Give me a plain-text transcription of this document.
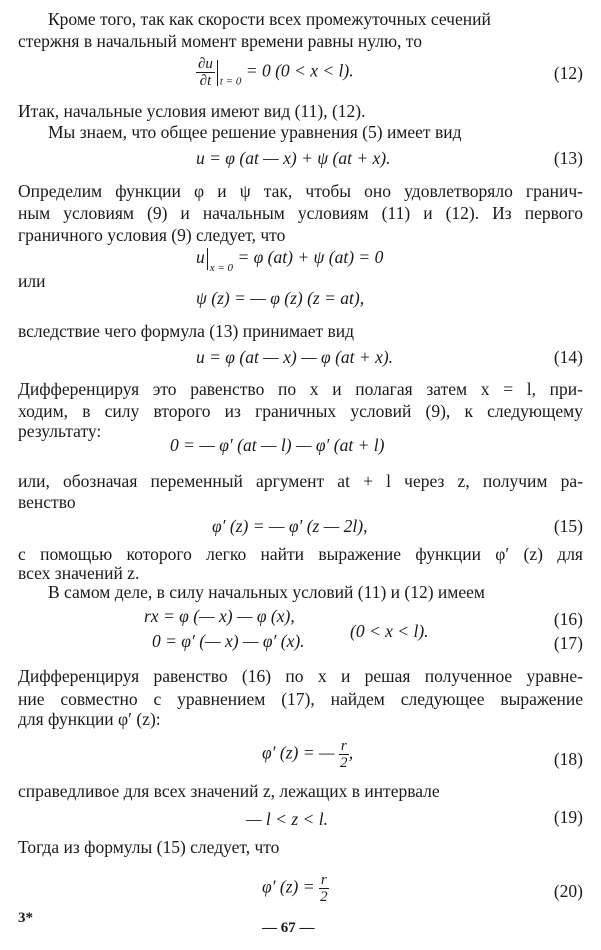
Кроме того, так как скорости всех промежуточных сечений
стержня в начальный момент времени равны нулю, то
$\frac{\partial u}{\partial t} _{t = 0} = 0$ (0 < x < l).	(12)
Итак, начальные условия имеют вид (11), (12).
Мы знаем, что общее решение уравнения (5) имеет вид
u = φ (at — x) + ψ (at + x).	(13)
Определим функции φ и ψ так, чтобы оно удовлетворяло гранич-
ным условиям (9) и начальным условиям (11) и (12). Из первого
граничного условия (9) следует, что
$u_{x = 0} = \varphi$ (at) + ψ (at) = 0
или
ψ (z) = — φ (z) (z = at),
вследствие чего формула (13) принимает вид
u = φ (at — x) — φ (at + x).	(14)
Дифференцируя это равенство по x и полагая затем x = l, при-
ходим, в силу второго из граничных условий (9), к следующему
результату:
0 = — φ′ (at — l) — φ′ (at + l)
или, обозначая переменный аргумент at + l через z, получим ра-
венство
φ′ (z) = — φ′ (z — 2l),	(15)
с помощью которого легко найти выражение функции φ′ (z) для
всех значений z.
В самом деле, в силу начальных условий (11) и (12) имеем
rx = φ (— x) — φ (x),
0 = φ′ (— x) — φ′ (x).	(0 < x < l).
(16)
(17)
Дифференцируя равенство (16) по x и решая полученное уравне-
ние совместно с уравнением (17), найдем следующее выражение
для функции φ′ (z):
φ′ (z) = — $\frac{r}{2}$ ,	(18)
справедливое для всех значений z, лежащих в интервале
— l < z < l.	(19)
Тогда из формулы (15) следует, что
φ′ $(z) = \frac{r}{2}$	(20)
3*
— 67 —
